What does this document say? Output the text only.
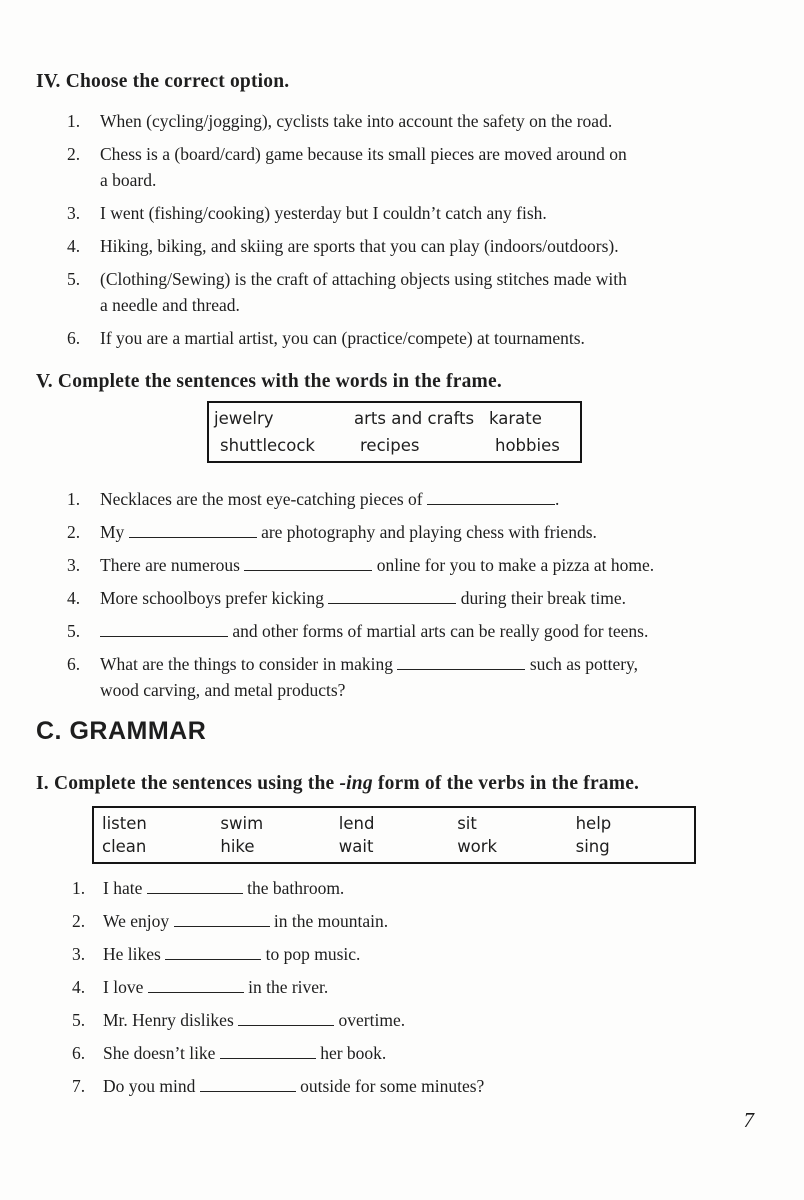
IV. Choose the correct option.
1.	When (cycling/jogging), cyclists take into account the safety on the road.
2.	Chess is a (board/card) game because its small pieces are moved around on
a board.
3.	I went (fishing/cooking) yesterday but I couldn’t catch any fish.
4.	Hiking, biking, and skiing are sports that you can play (indoors/outdoors).
5.	(Clothing/Sewing) is the craft of attaching objects using stitches made with
a needle and thread.
6.	If you are a martial artist, you can (practice/compete) at tournaments.
V. Complete the sentences with the words in the frame.
jewelry	arts and crafts karate
shuttlecock	recipes	hobbies
1.	Necklaces are the most eye-catching pieces of	.
2.	My	are photography and playing chess with friends.
3.	There are numerous	online for you to make a pizza at home.
4.	More schoolboys prefer kicking	during their break time.
5.	and other forms of martial arts can be really good for teens.
6.	What are the things to consider in making	such as pottery,
wood carving, and metal products?
C. GRAMMAR
I. Complete the sentences using the -ing form of the verbs in the frame.
listen	swim	lend	sit	help
clean	hike	wait	work	sing
1.	I hate	the bathroom.
2.	We enjoy	in the mountain.
3.	He likes	to pop music.
4.	I love	in the river.
5.	Mr. Henry dislikes	overtime.
6.	She doesn’t like	her book.
7.	Do you mind	outside for some minutes?
7
